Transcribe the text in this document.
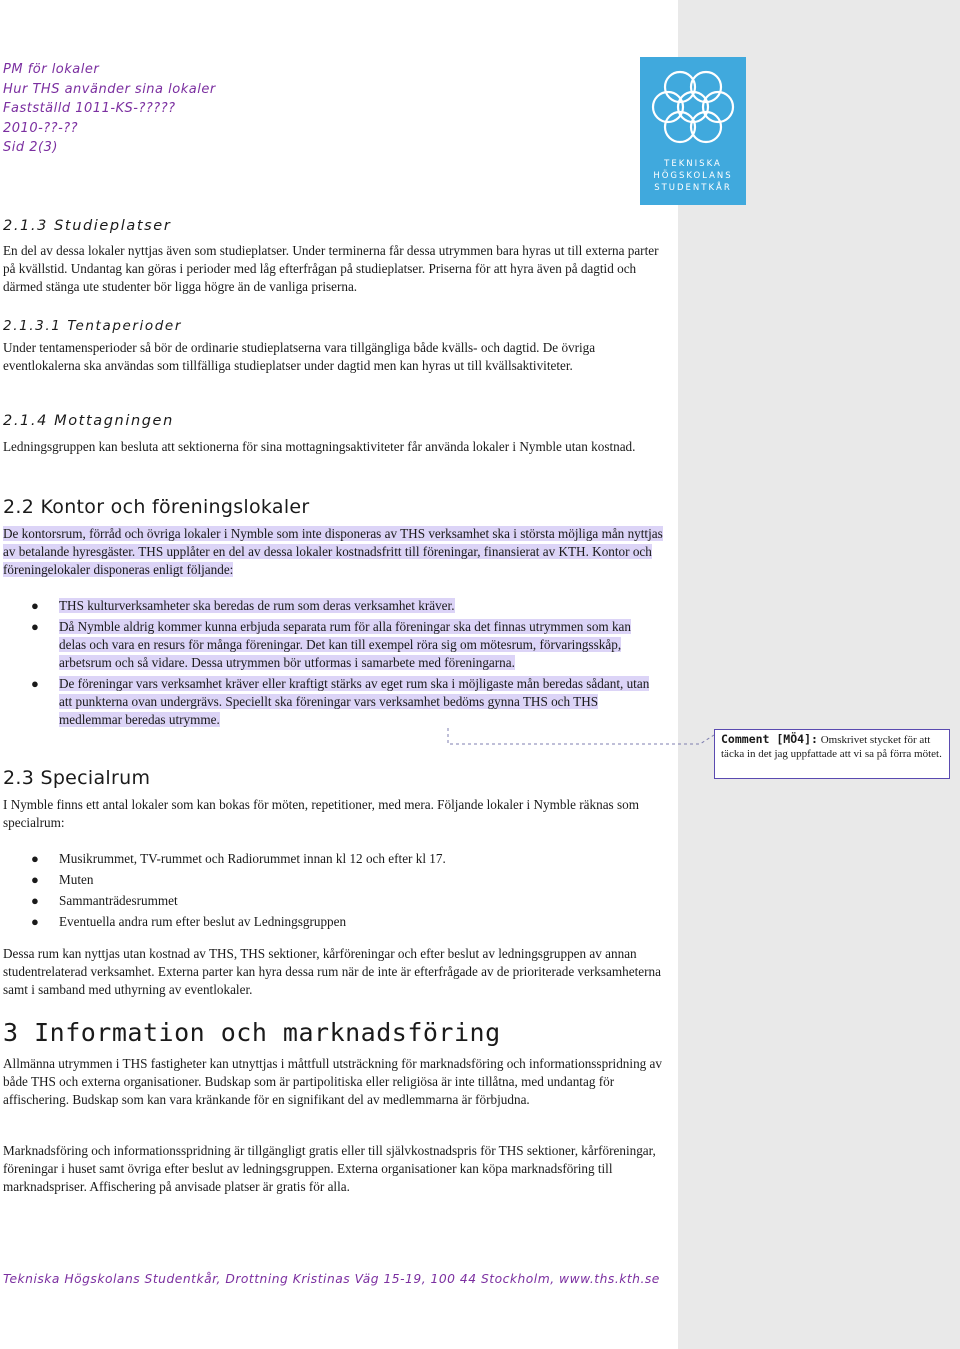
PM för lokaler
Hur THS använder sina lokaler
Fastställd 1011-KS-?????
2010-??-??
Sid 2(3)
TEKNISKA
HÖGSKOLANS
STUDENTKÅR
2.1.3 Studieplatser

En del av dessa lokaler nyttjas även som studieplatser. Under terminerna får dessa utrymmen bara hyras ut till externa parter på kvällstid. Undantag kan göras i perioder med låg efterfrågan på studieplatser. Priserna för att hyra även på dagtid och därmed stänga ute studenter bör ligga högre än de vanliga priserna.

2.1.3.1 Tentaperioder

Under tentamensperioder så bör de ordinarie studieplatserna vara tillgängliga både kvälls- och dagtid. De övriga eventlokalerna ska användas som tillfälliga studieplatser under dagtid men kan hyras ut till kvällsaktiviteter.

2.1.4 Mottagningen

Ledningsgruppen kan besluta att sektionerna för sina mottagningsaktiviteter får använda lokaler i Nymble utan kostnad.

2.2 Kontor och föreningslokaler

De kontorsrum, förråd och övriga lokaler i Nymble som inte disponeras av THS verksamhet ska i största möjliga mån nyttjas av betalande hyresgäster. THS upplåter en del av dessa lokaler kostnadsfritt till föreningar, finansierat av KTH. Kontor och föreningelokaler disponeras enligt följande:

● THS kulturverksamheter ska beredas de rum som deras verksamhet kräver.
● Då Nymble aldrig kommer kunna erbjuda separata rum för alla föreningar ska det finnas utrymmen som kan delas och vara en resurs för många föreningar. Det kan till exempel röra sig om mötesrum, förvaringsskåp, arbetsrum och så vidare. Dessa utrymmen bör utformas i samarbete med föreningarna.
● De föreningar vars verksamhet kräver eller kraftigt stärks av eget rum ska i möjligaste mån beredas sådant, utan att punkterna ovan undergrävs. Speciellt ska föreningar vars verksamhet bedöms gynna THS och THS medlemmar beredas utrymme.
2.3 Specialrum

I Nymble finns ett antal lokaler som kan bokas för möten, repetitioner, med mera. Följande lokaler i Nymble räknas som specialrum:

● Musikrummet, TV-rummet och Radiorummet innan kl 12 och efter kl 17.
● Muten
● Sammanträdesrummet
● Eventuella andra rum efter beslut av Ledningsgruppen

Dessa rum kan nyttjas utan kostnad av THS, THS sektioner, kårföreningar och efter beslut av ledningsgruppen av annan studentrelaterad verksamhet. Externa parter kan hyra dessa rum när de inte är efterfrågade av de prioriterade verksamheterna samt i samband med uthyrning av eventlokaler.

3 Information och marknadsföring

Allmänna utrymmen i THS fastigheter kan utnyttjas i måttfull utsträckning för marknadsföring och informationsspridning av både THS och externa organisationer. Budskap som är partipolitiska eller religiösa är inte tillåtna, med undantag för affischering. Budskap som kan vara kränkande för en signifikant del av medlemmarna är förbjudna.

Marknadsföring och informationsspridning är tillgängligt gratis eller till självkostnadspris för THS sektioner, kårföreningar, föreningar i huset samt övriga efter beslut av ledningsgruppen. Externa organisationer kan köpa marknadsföring till marknadspriser. Affischering på anvisade platser är gratis för alla.

Tekniska Högskolans Studentkår, Drottning Kristinas Väg 15-19, 100 44 Stockholm, www.ths.kth.se
Comment [MÖ4]: Omskrivet stycket för att täcka in det jag uppfattade att vi sa på förra mötet.
